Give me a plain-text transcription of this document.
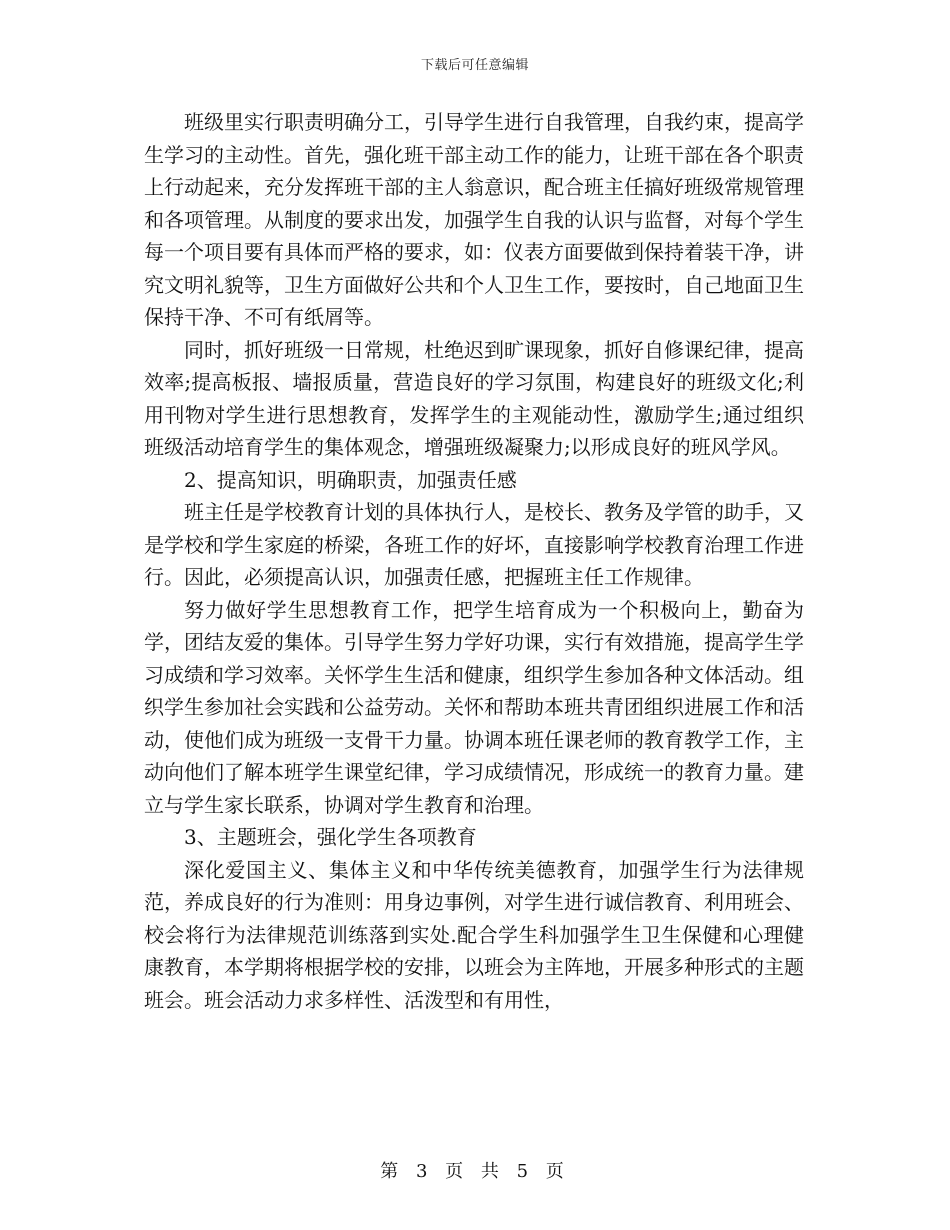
下载后可任意编辑

班级里实行职责明确分工，引导学生进行自我管理，自我约束，提高学生学习的主动性。首先，强化班干部主动工作的能力，让班干部在各个职责上行动起来，充分发挥班干部的主人翁意识，配合班主任搞好班级常规管理和各项管理。从制度的要求出发，加强学生自我的认识与监督，对每个学生每一个项目要有具体而严格的要求，如：仪表方面要做到保持着装干净，讲究文明礼貌等，卫生方面做好公共和个人卫生工作，要按时，自己地面卫生保持干净、不可有纸屑等。

同时，抓好班级一日常规，杜绝迟到旷课现象，抓好自修课纪律，提高效率;提高板报、墙报质量，营造良好的学习氛围，构建良好的班级文化;利用刊物对学生进行思想教育，发挥学生的主观能动性，激励学生;通过组织班级活动培育学生的集体观念，增强班级凝聚力;以形成良好的班风学风。

2、提高知识，明确职责，加强责任感

班主任是学校教育计划的具体执行人，是校长、教务及学管的助手，又是学校和学生家庭的桥梁，各班工作的好坏，直接影响学校教育治理工作进行。因此，必须提高认识，加强责任感，把握班主任工作规律。

努力做好学生思想教育工作，把学生培育成为一个积极向上，勤奋为学，团结友爱的集体。引导学生努力学好功课，实行有效措施，提高学生学习成绩和学习效率。关怀学生生活和健康，组织学生参加各种文体活动。组织学生参加社会实践和公益劳动。关怀和帮助本班共青团组织进展工作和活动，使他们成为班级一支骨干力量。协调本班任课老师的教育教学工作，主动向他们了解本班学生课堂纪律，学习成绩情况，形成统一的教育力量。建立与学生家长联系，协调对学生教育和治理。

3、主题班会，强化学生各项教育

深化爱国主义、集体主义和中华传统美德教育，加强学生行为法律规范，养成良好的行为准则：用身边事例，对学生进行诚信教育、利用班会、校会将行为法律规范训练落到实处.配合学生科加强学生卫生保健和心理健康教育，本学期将根据学校的安排，以班会为主阵地，开展多种形式的主题班会。班会活动力求多样性、活泼型和有用性，

第 3 页 共 5 页
